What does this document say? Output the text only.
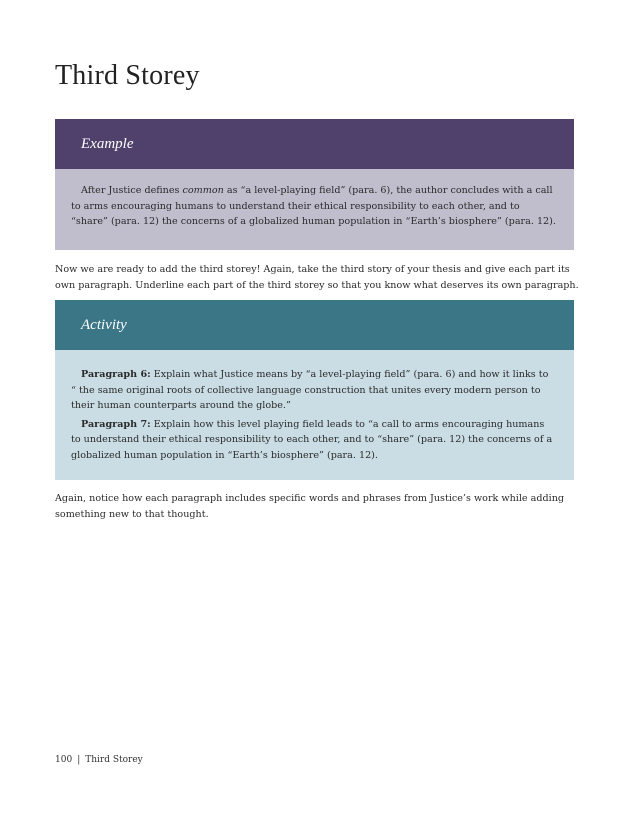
Third Storey
Example

After Justice defines common as “a level-playing field” (para. 6), the author concludes with a call to arms encouraging humans to understand their ethical responsibility to each other, and to “share” (para. 12) the concerns of a globalized human population in “Earth’s biosphere” (para. 12).

Now we are ready to add the third storey! Again, take the third story of your thesis and give each part its own paragraph. Underline each part of the third storey so that you know what deserves its own paragraph.

Activity

Paragraph 6: Explain what Justice means by “a level-playing field” (para. 6) and how it links to “ the same original roots of collective language construction that unites every modern person to their human counterparts around the globe.”

Paragraph 7: Explain how this level playing field leads to “a call to arms encouraging humans to understand their ethical responsibility to each other, and to “share” (para. 12) the concerns of a globalized human population in “Earth’s biosphere” (para. 12).

Again, notice how each paragraph includes specific words and phrases from Justice’s work while adding something new to that thought.

100 | Third Storey
